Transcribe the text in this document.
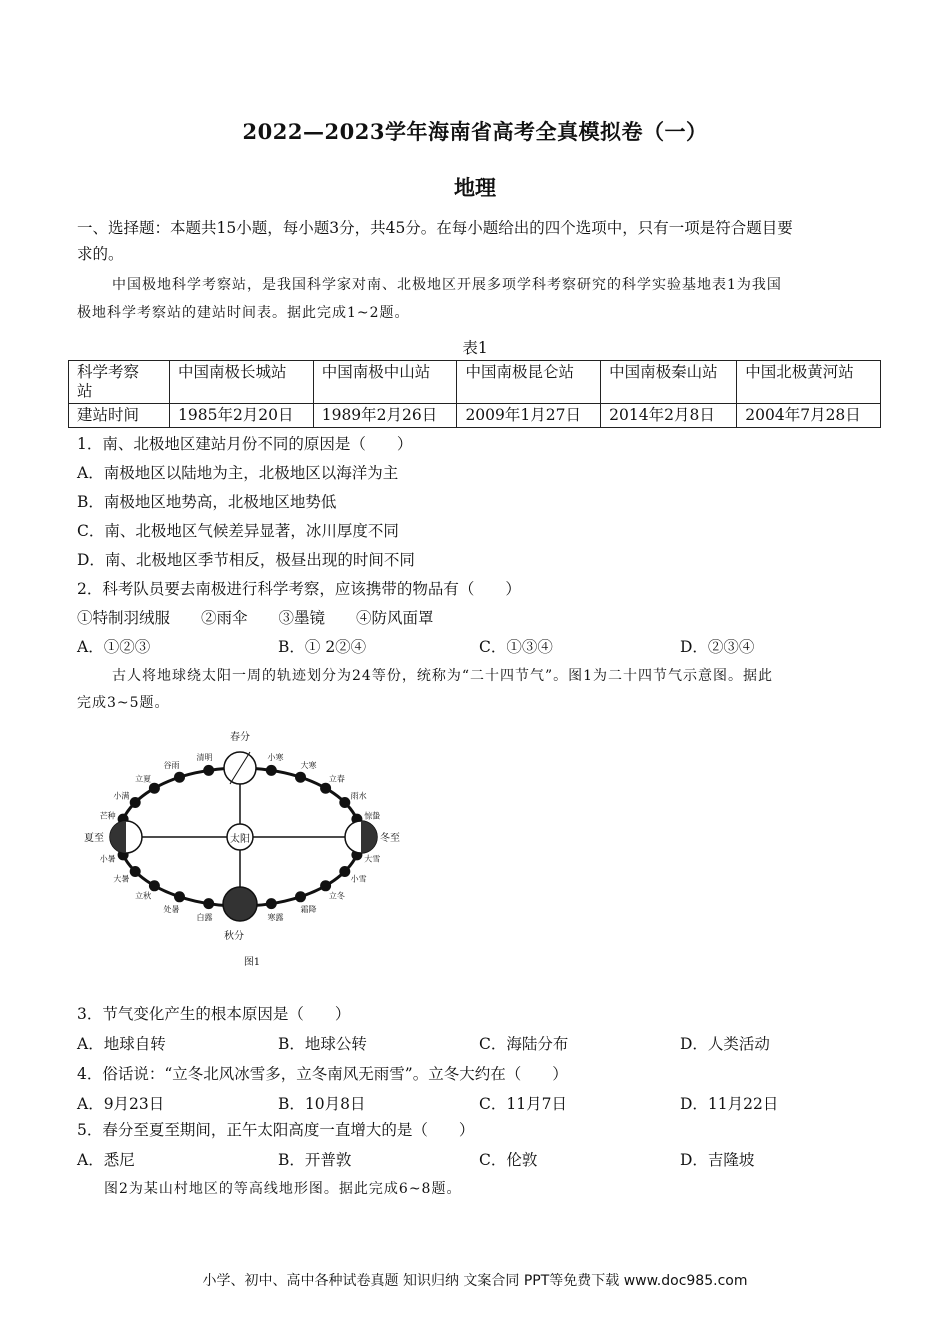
2022—2023学年海南省高考全真模拟卷（一）
地理
一、选择题：本题共15小题，每小题3分，共45分。在每小题给出的四个选项中，只有一项是符合题目要
求的。
中国极地科学考察站，是我国科学家对南、北极地区开展多项学科考察研究的科学实验基地表1为我国
极地科学考察站的建站时间表。据此完成1~2题。
表1
科学考察
站	中国南极长城站	中国南极中山站	中国南极昆仑站	中国南极秦山站	中国北极黄河站
建站时间	1985年2月20日	1989年2月26日	2009年1月27日	2014年2月8日	2004年7月28日
1．南、北极地区建站月份不同的原因是（　　）
A．南极地区以陆地为主，北极地区以海洋为主
B．南极地区地势高，北极地区地势低
C．南、北极地区气候差异显著，冰川厚度不同
D．南、北极地区季节相反，极昼出现的时间不同
2．科考队员要去南极进行科学考察，应该携带的物品有（　　）
①特制羽绒服　　②雨伞　　③墨镜　　④防风面罩
A．①②③	B．① 2②④	C．①③④	D．②③④
古人将地球绕太阳一周的轨迹划分为24等份，统称为“二十四节气”。图1为二十四节气示意图。据此
完成3~5题。
太阳
春分
夏至
秋分
冬至
清明
谷雨
立夏
小满
芒种
小暑
大暑
立秋
处暑
白露	寒露
霜降
立冬
小雪
大雪
小寒
大寒
立春
雨水
惊蛰
图1
3．节气变化产生的根本原因是（　　）
A．地球自转	B．地球公转	C．海陆分布	D．人类活动
4．俗话说：“立冬北风冰雪多，立冬南风无雨雪”。立冬大约在（　　）
A．9月23日	B．10月8日	C．11月7日	D．11月22日
5．春分至夏至期间，正午太阳高度一直增大的是（　　）
A．悉尼	B．开普敦	C．伦敦	D．吉隆坡
图2为某山村地区的等高线地形图。据此完成6~8题。
小学、初中、高中各种试卷真题 知识归纳 文案合同 PPT等免费下载 www.doc985.com
